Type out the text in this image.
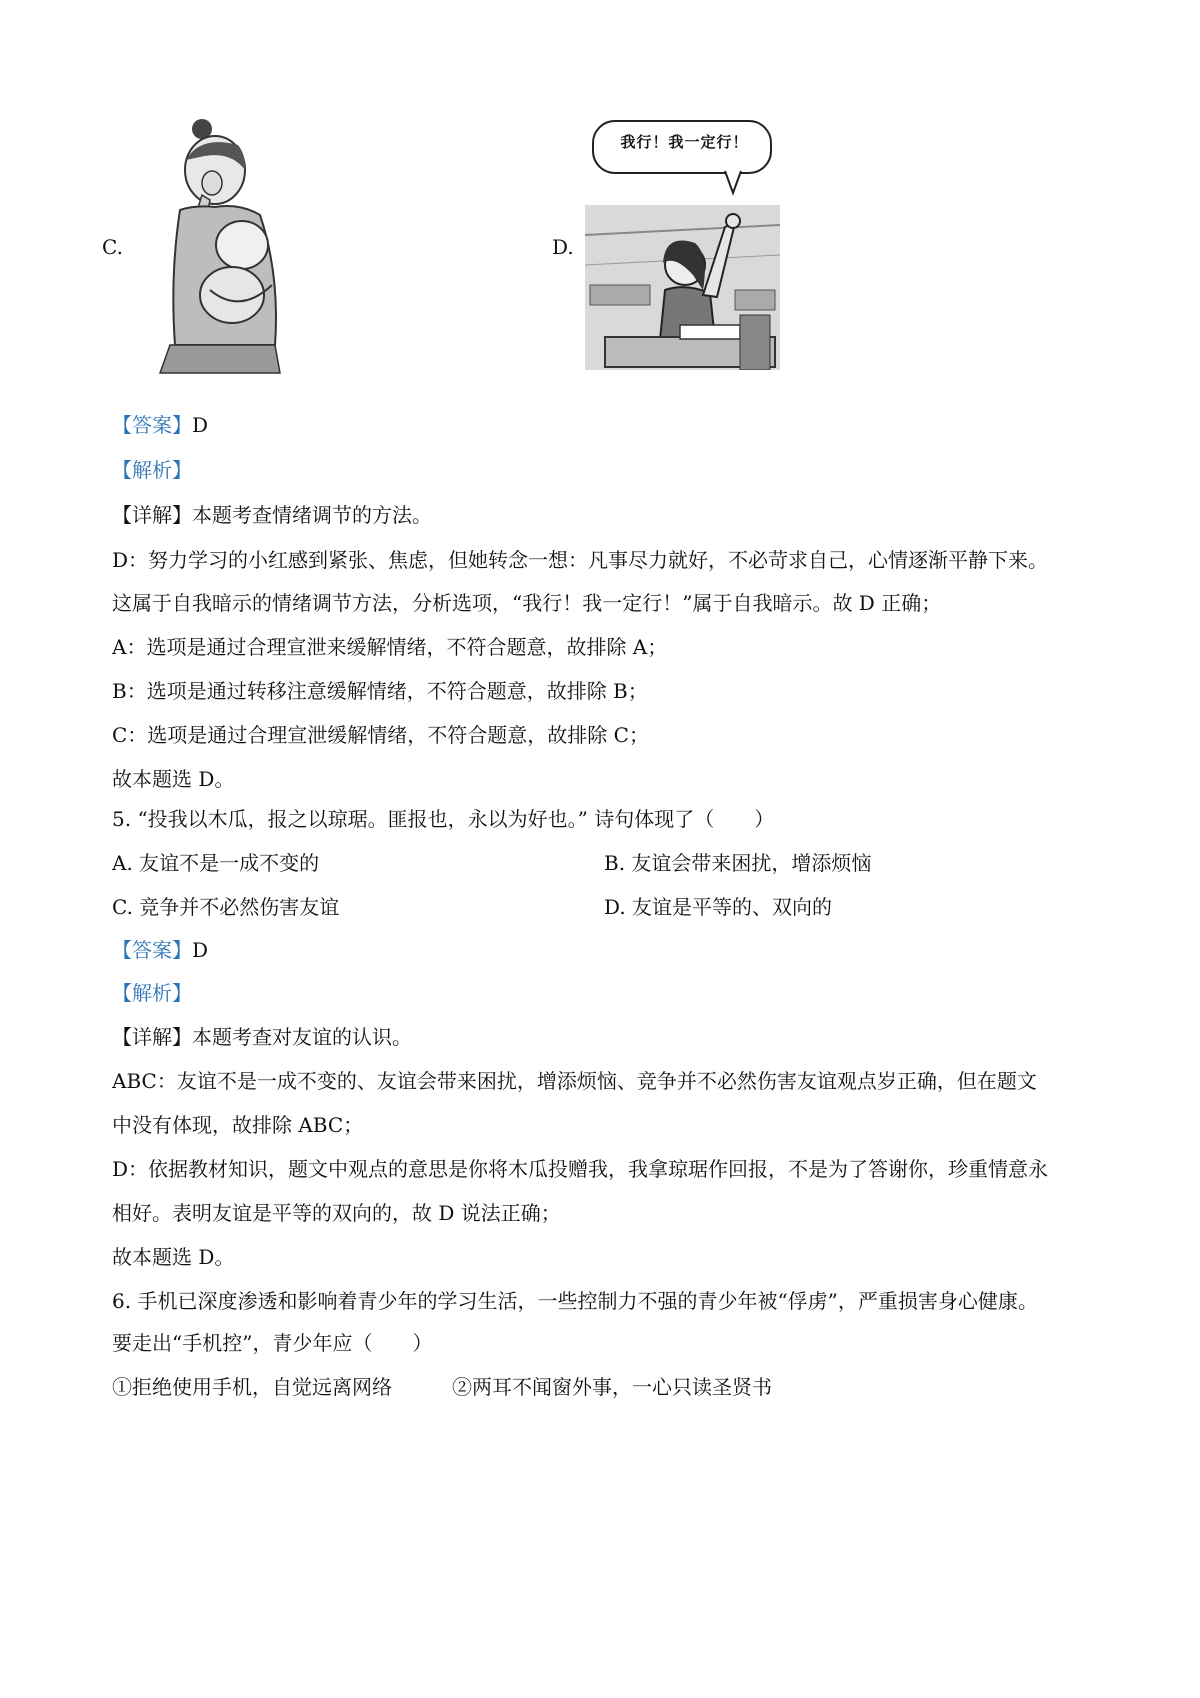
C.	D.
我行！我一定行！
【答案】D
【解析】
【详解】本题考查情绪调节的方法。
D：努力学习的小红感到紧张、焦虑，但她转念一想：凡事尽力就好，不必苛求自己，心情逐渐平静下来。
这属于自我暗示的情绪调节方法，分析选项，“我行！我一定行！”属于自我暗示。故 D 正确；
A：选项是通过合理宣泄来缓解情绪，不符合题意，故排除 A；
B：选项是通过转移注意缓解情绪，不符合题意，故排除 B；
C：选项是通过合理宣泄缓解情绪，不符合题意，故排除 C；
故本题选 D。
5. “投我以木瓜，报之以琼琚。匪报也，永以为好也。” 诗句体现了（　　）
A. 友谊不是一成不变的	B. 友谊会带来困扰，增添烦恼
C. 竞争并不必然伤害友谊	D. 友谊是平等的、双向的
【答案】D
【解析】
【详解】本题考查对友谊的认识。
ABC：友谊不是一成不变的、友谊会带来困扰，增添烦恼、竞争并不必然伤害友谊观点岁正确，但在题文
中没有体现，故排除 ABC；
D：依据教材知识，题文中观点的意思是你将木瓜投赠我，我拿琼琚作回报，不是为了答谢你，珍重情意永
相好。表明友谊是平等的双向的，故 D 说法正确；
故本题选 D。
6. 手机已深度渗透和影响着青少年的学习生活，一些控制力不强的青少年被“俘虏”，严重损害身心健康。
要走出“手机控”，青少年应（　　）
①拒绝使用手机，自觉远离网络	②两耳不闻窗外事，一心只读圣贤书
